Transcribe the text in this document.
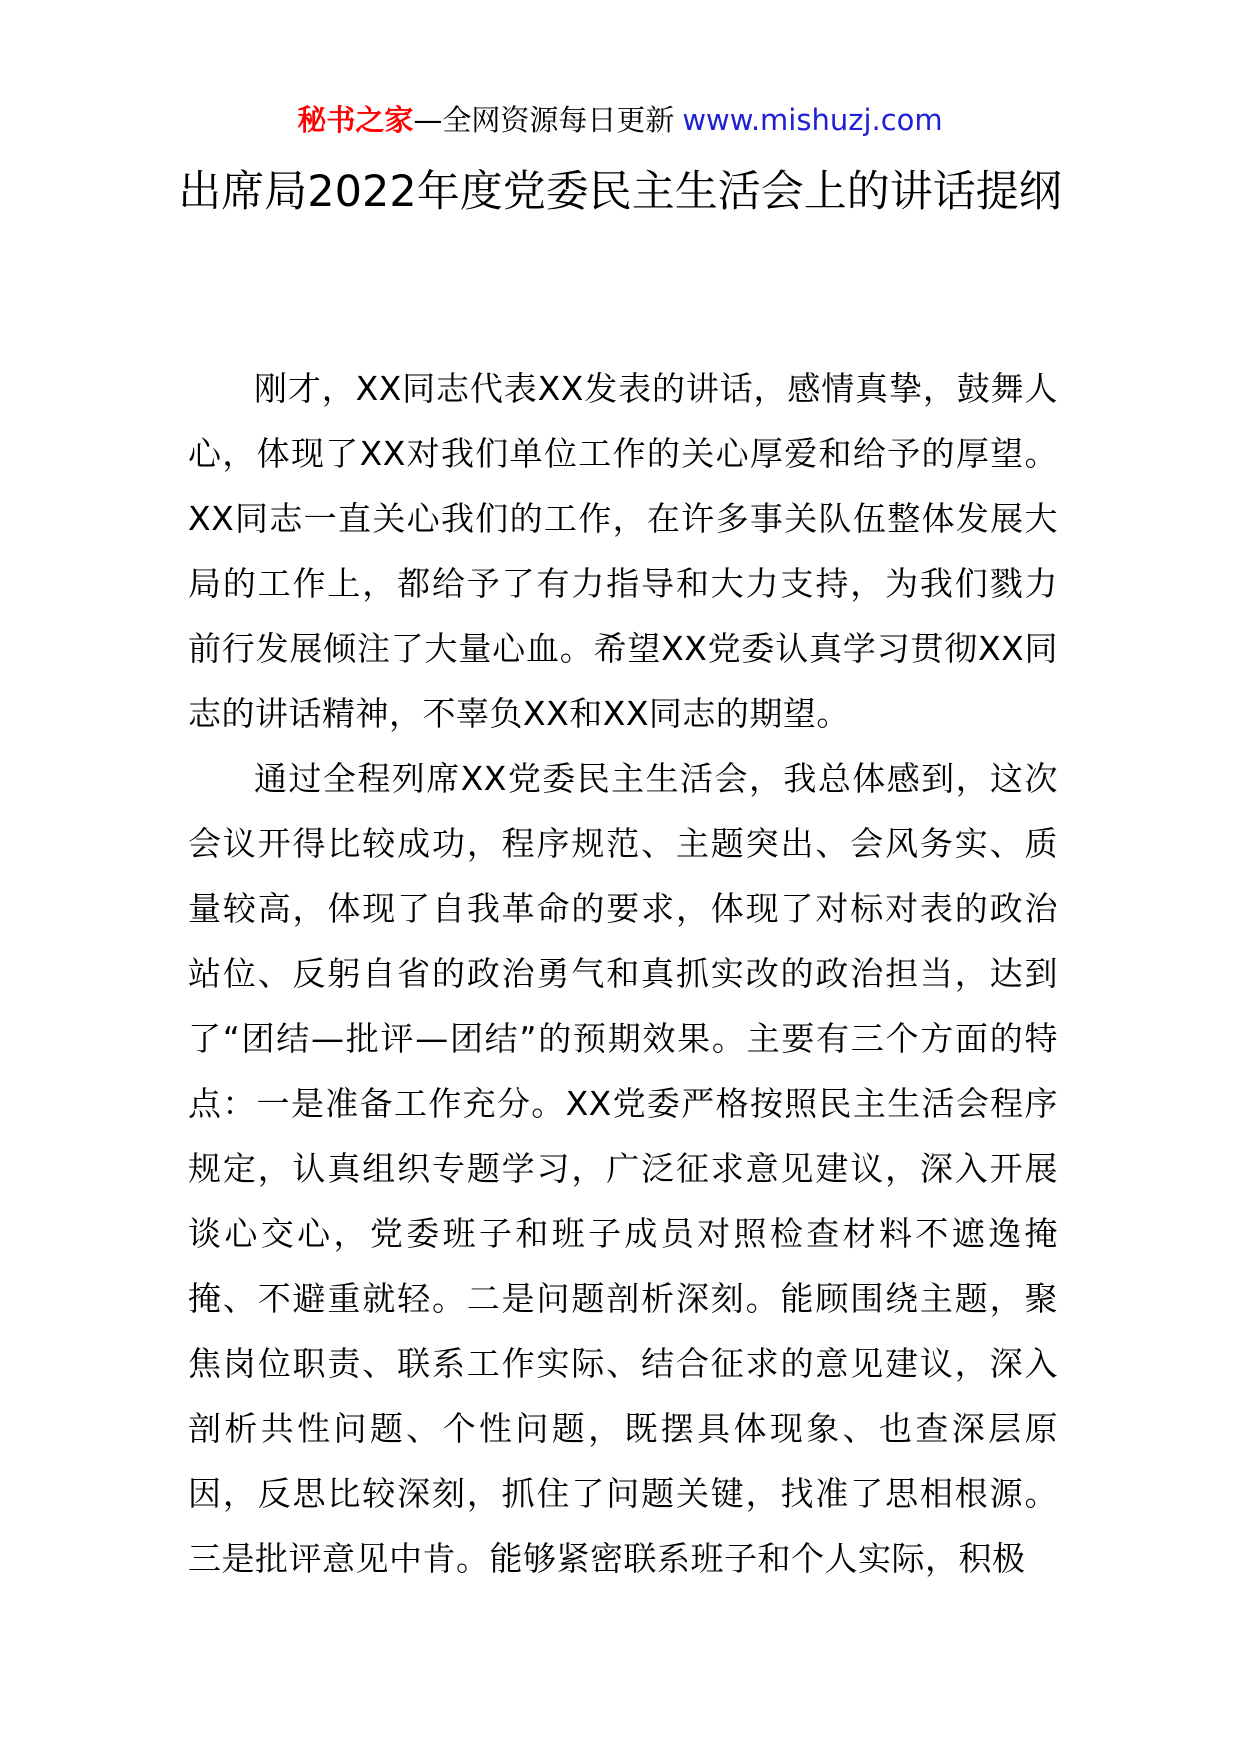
秘书之家—全网资源每日更新 www.mishuzj.com
出席局2022年度党委民主生活会上的讲话提纲

刚才，XX同志代表XX发表的讲话，感情真挚，鼓舞人心，体现了XX对我们单位工作的关心厚爱和给予的厚望。XX同志一直关心我们的工作，在许多事关队伍整体发展大局的工作上，都给予了有力指导和大力支持，为我们戮力前行发展倾注了大量心血。希望XX党委认真学习贯彻XX同志的讲话精神，不辜负XX和XX同志的期望。

通过全程列席XX党委民主生活会，我总体感到，这次会议开得比较成功，程序规范、主题突出、会风务实、质量较高，体现了自我革命的要求，体现了对标对表的政治站位、反躬自省的政治勇气和真抓实改的政治担当，达到了“团结—批评—团结”的预期效果。主要有三个方面的特点：一是准备工作充分。XX党委严格按照民主生活会程序规定，认真组织专题学习，广泛征求意见建议，深入开展谈心交心，党委班子和班子成员对照检查材料不遮逸掩掩、不避重就轻。二是问题剖析深刻。能顾围绕主题，聚焦岗位职责、联系工作实际、结合征求的意见建议，深入剖析共性问题、个性问题，既摆具体现象、也查深层原因，反思比较深刻，抓住了问题关键，找准了思相根源。三是批评意见中肯。能够紧密联系班子和个人实际，积极
